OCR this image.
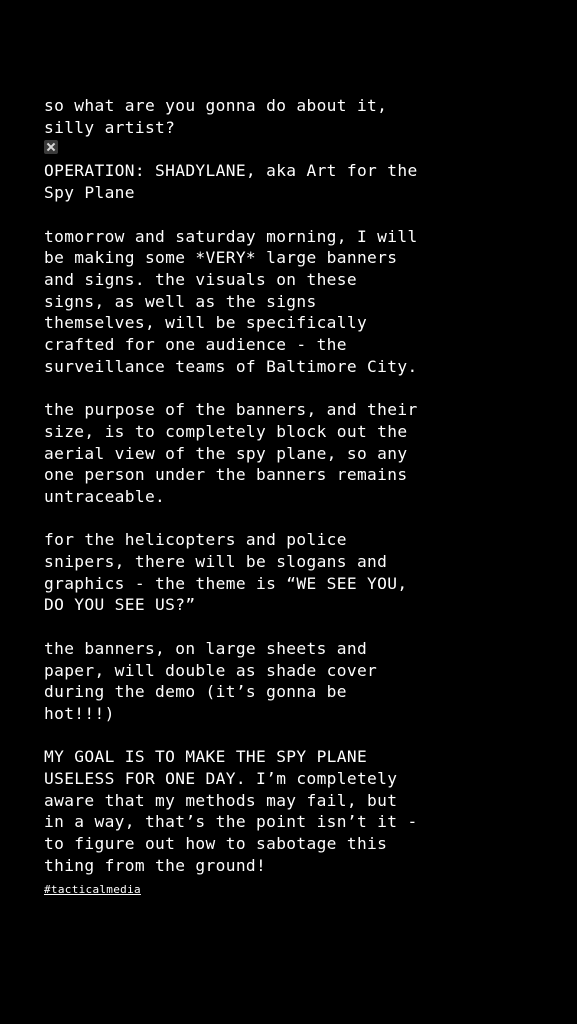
so what are you gonna do about it,
silly artist?

OPERATION: SHADYLANE, aka Art for the
Spy Plane

tomorrow and saturday morning, I will
be making some *VERY* large banners
and signs. the visuals on these
signs, as well as the signs
themselves, will be specifically
crafted for one audience - the
surveillance teams of Baltimore City.

the purpose of the banners, and their
size, is to completely block out the
aerial view of the spy plane, so any
one person under the banners remains
untraceable.

for the helicopters and police
snipers, there will be slogans and
graphics - the theme is “WE SEE YOU,
DO YOU SEE US?”

the banners, on large sheets and
paper, will double as shade cover
during the demo (it’s gonna be
hot!!!)

MY GOAL IS TO MAKE THE SPY PLANE
USELESS FOR ONE DAY. I’m completely
aware that my methods may fail, but
in a way, that’s the point isn’t it -
to figure out how to sabotage this
thing from the ground!

#tacticalmedia
